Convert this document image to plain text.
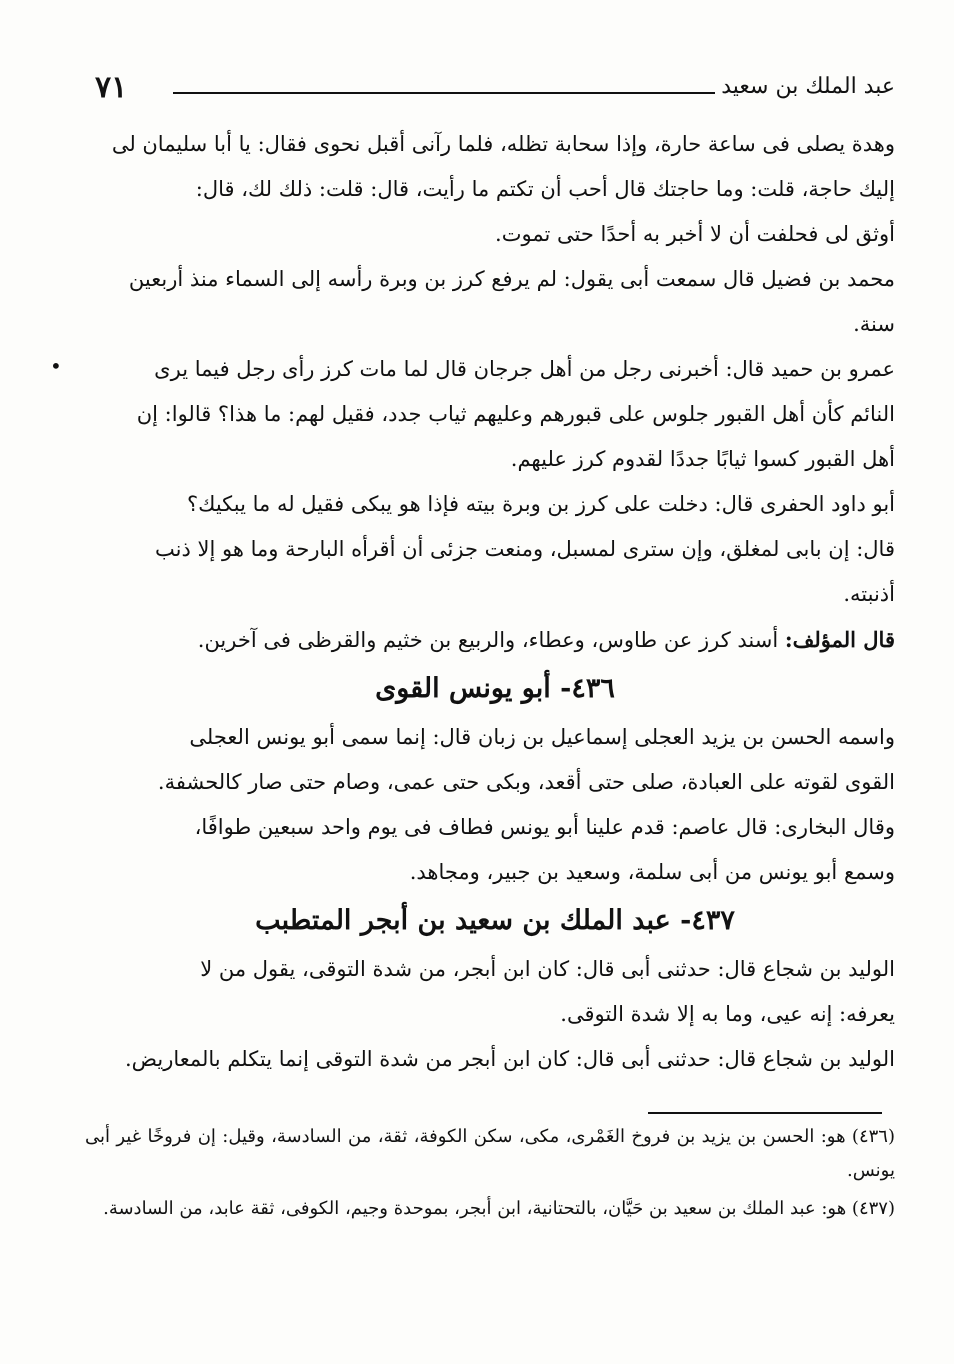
٧١	عبد الملك بن سعيد
•

وهدة يصلى فى ساعة حارة، وإذا سحابة تظله، فلما رآنى أقبل نحوى فقال: يا أبا سليمان لى
إليك حاجة، قلت: وما حاجتك قال أحب أن تكتم ما رأيت، قال: قلت: ذلك لك، قال:
أوثق لى فحلفت أن لا أخبر به أحدًا حتى تموت.

محمد بن فضيل قال سمعت أبى يقول: لم يرفع كرز بن وبرة رأسه إلى السماء منذ أربعين
سنة.

عمرو بن حميد قال: أخبرنى رجل من أهل جرجان قال لما مات كرز رأى رجل فيما يرى
النائم كأن أهل القبور جلوس على قبورهم وعليهم ثياب جدد، فقيل لهم: ما هذا؟ قالوا: إن
أهل القبور كسوا ثيابًا جددًا لقدوم كرز عليهم.

أبو داود الحفرى قال: دخلت على كرز بن وبرة بيته فإذا هو يبكى فقيل له ما يبكيك؟
قال: إن بابى لمغلق، وإن سترى لمسبل، ومنعت جزئى أن أقرأه البارحة وما هو إلا ذنب
أذنبته.

قال المؤلف: أسند كرز عن طاوس، وعطاء، والربيع بن خثيم والقرظى فى آخرين.

٤٣٦- أبو يونس القوى

واسمه الحسن بن يزيد العجلى إسماعيل بن زبان قال: إنما سمى أبو يونس العجلى
القوى لقوته على العبادة، صلى حتى أقعد، وبكى حتى عمى، وصام حتى صار كالحشفة.

وقال البخارى: قال عاصم: قدم علينا أبو يونس فطاف فى يوم واحد سبعين طوافًا،
وسمع أبو يونس من أبى سلمة، وسعيد بن جبير، ومجاهد.

٤٣٧- عبد الملك بن سعيد بن أبجر المتطبب

الوليد بن شجاع قال: حدثنى أبى قال: كان ابن أبجر، من شدة التوقى، يقول من لا
يعرفه: إنه عيى، وما به إلا شدة التوقى.

الوليد بن شجاع قال: حدثنى أبى قال: كان ابن أبجر من شدة التوقى إنما يتكلم بالمعاريض.

(٤٣٦) هو: الحسن بن يزيد بن فروخ الغَمْرى، مكى، سكن الكوفة، ثقة، من السادسة، وقيل: إن فروخًا غير أبى يونس.

(٤٣٧) هو: عبد الملك بن سعيد بن حَيَّان، بالتحتانية، ابن أبجر، بموحدة وجيم، الكوفى، ثقة عابد، من السادسة.
